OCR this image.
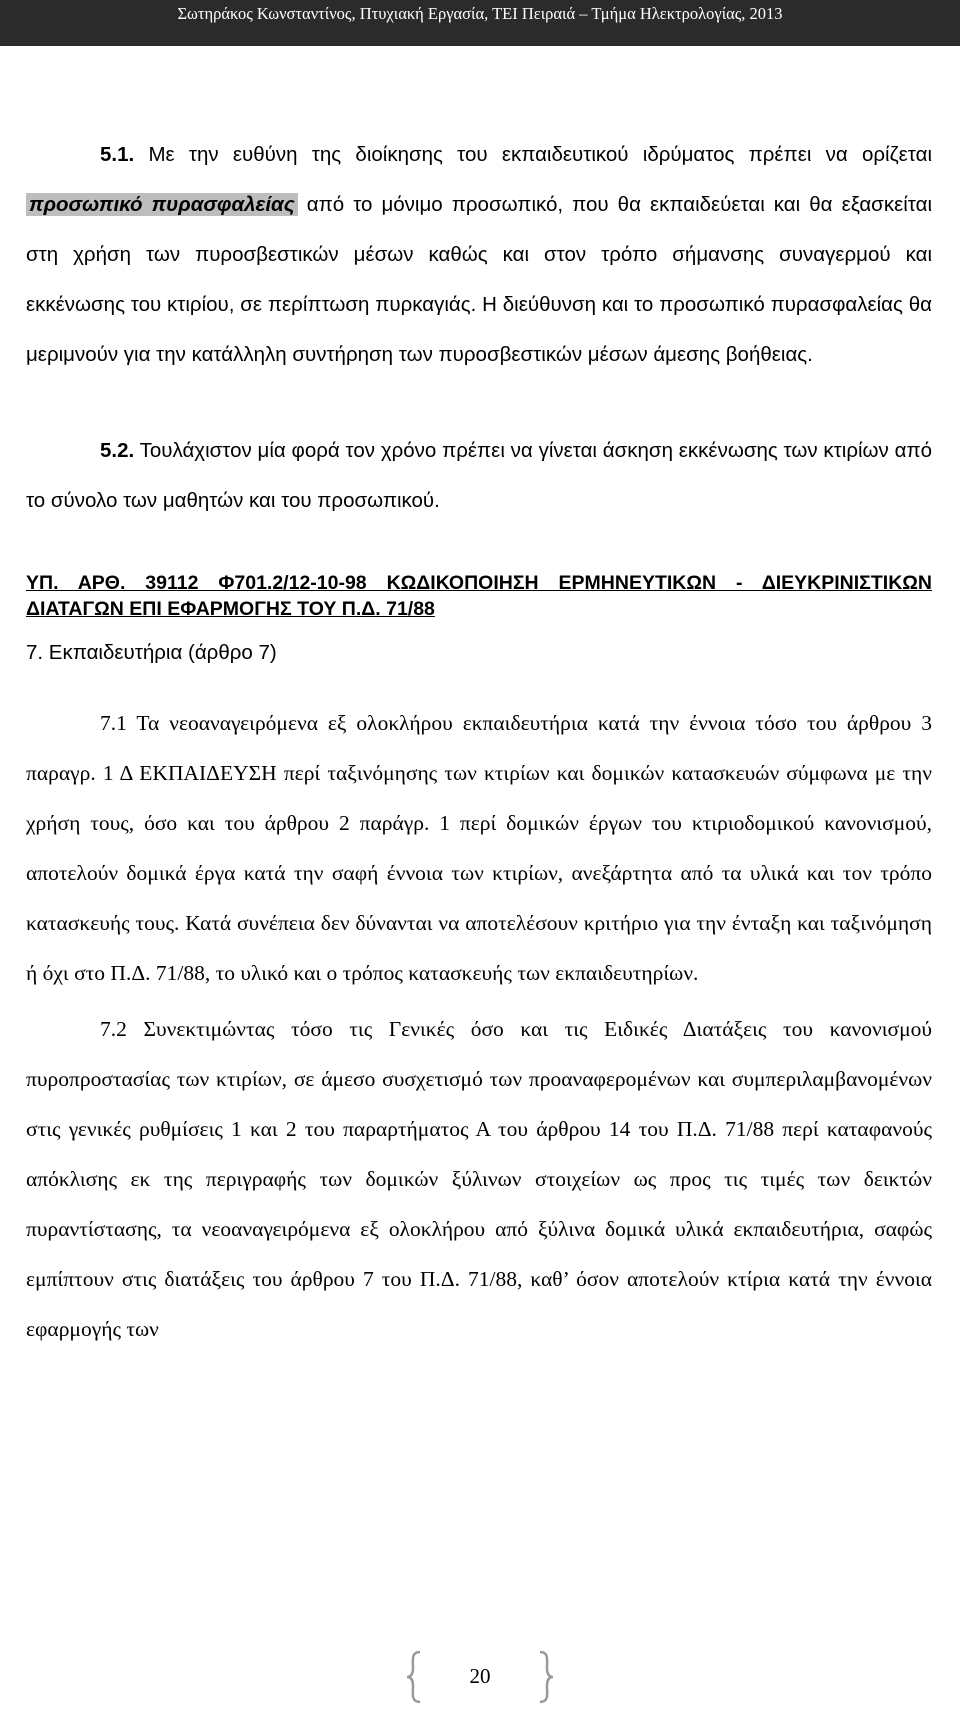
Σωτηράκος Κωνσταντίνος, Πτυχιακή Εργασία, ΤΕΙ Πειραιά – Τμήμα Ηλεκτρολογίας, 2013

5.1. Με την ευθύνη της διοίκησης του εκπαιδευτικού ιδρύματος πρέπει να ορίζεται προσωπικό πυρασφαλείας από το μόνιμο προσωπικό, που θα εκπαιδεύεται και θα εξασκείται στη χρήση των πυροσβεστικών μέσων καθώς και στον τρόπο σήμανσης συναγερμού και εκκένωσης του κτιρίου, σε περίπτωση πυρκαγιάς. Η διεύθυνση και το προσωπικό πυρασφαλείας θα μεριμνούν για την κατάλληλη συντήρηση των πυροσβεστικών μέσων άμεσης βοήθειας.

5.2. Τουλάχιστον μία φορά τον χρόνο πρέπει να γίνεται άσκηση εκκένωσης των κτιρίων από το σύνολο των μαθητών και του προσωπικού.

ΥΠ. ΑΡΘ. 39112 Φ701.2/12-10-98 ΚΩΔΙΚΟΠΟΙΗΣΗ ΕΡΜΗΝΕΥΤΙΚΩΝ - ΔΙΕΥΚΡΙΝΙΣΤΙΚΩΝ ΔΙΑΤΑΓΩΝ ΕΠΙ ΕΦΑΡΜΟΓΗΣ ΤΟΥ Π.Δ. 71/88

7. Εκπαιδευτήρια (άρθρο 7)

7.1 Τα νεοαναγειρόμενα εξ ολοκλήρου εκπαιδευτήρια κατά την έννοια τόσο του άρθρου 3 παραγρ. 1 Δ ΕΚΠΑΙΔΕΥΣΗ περί ταξινόμησης των κτιρίων και δομικών κατασκευών σύμφωνα με την χρήση τους, όσο και του άρθρου 2 παράγρ. 1 περί δομικών έργων του κτιριοδομικού κανονισμού, αποτελούν δομικά έργα κατά την σαφή έννοια των κτιρίων, ανεξάρτητα από τα υλικά και τον τρόπο κατασκευής τους. Κατά συνέπεια δεν δύνανται να αποτελέσουν κριτήριο για την ένταξη και ταξινόμηση ή όχι στο Π.Δ. 71/88, το υλικό και ο τρόπος κατασκευής των εκπαιδευτηρίων.

7.2 Συνεκτιμώντας τόσο τις Γενικές όσο και τις Ειδικές Διατάξεις του κανονισμού πυροπροστασίας των κτιρίων, σε άμεσο συσχετισμό των προαναφερομένων και συμπεριλαμβανομένων στις γενικές ρυθμίσεις 1 και 2 του παραρτήματος Α του άρθρου 14 του Π.Δ. 71/88 περί καταφανούς απόκλισης εκ της περιγραφής των δομικών ξύλινων στοιχείων ως προς τις τιμές των δεικτών πυραντίστασης, τα νεοαναγειρόμενα εξ ολοκλήρου από ξύλινα δομικά υλικά εκπαιδευτήρια, σαφώς εμπίπτουν στις διατάξεις του άρθρου 7 του Π.Δ. 71/88, καθ’ όσον αποτελούν κτίρια κατά την έννοια εφαρμογής των

20
